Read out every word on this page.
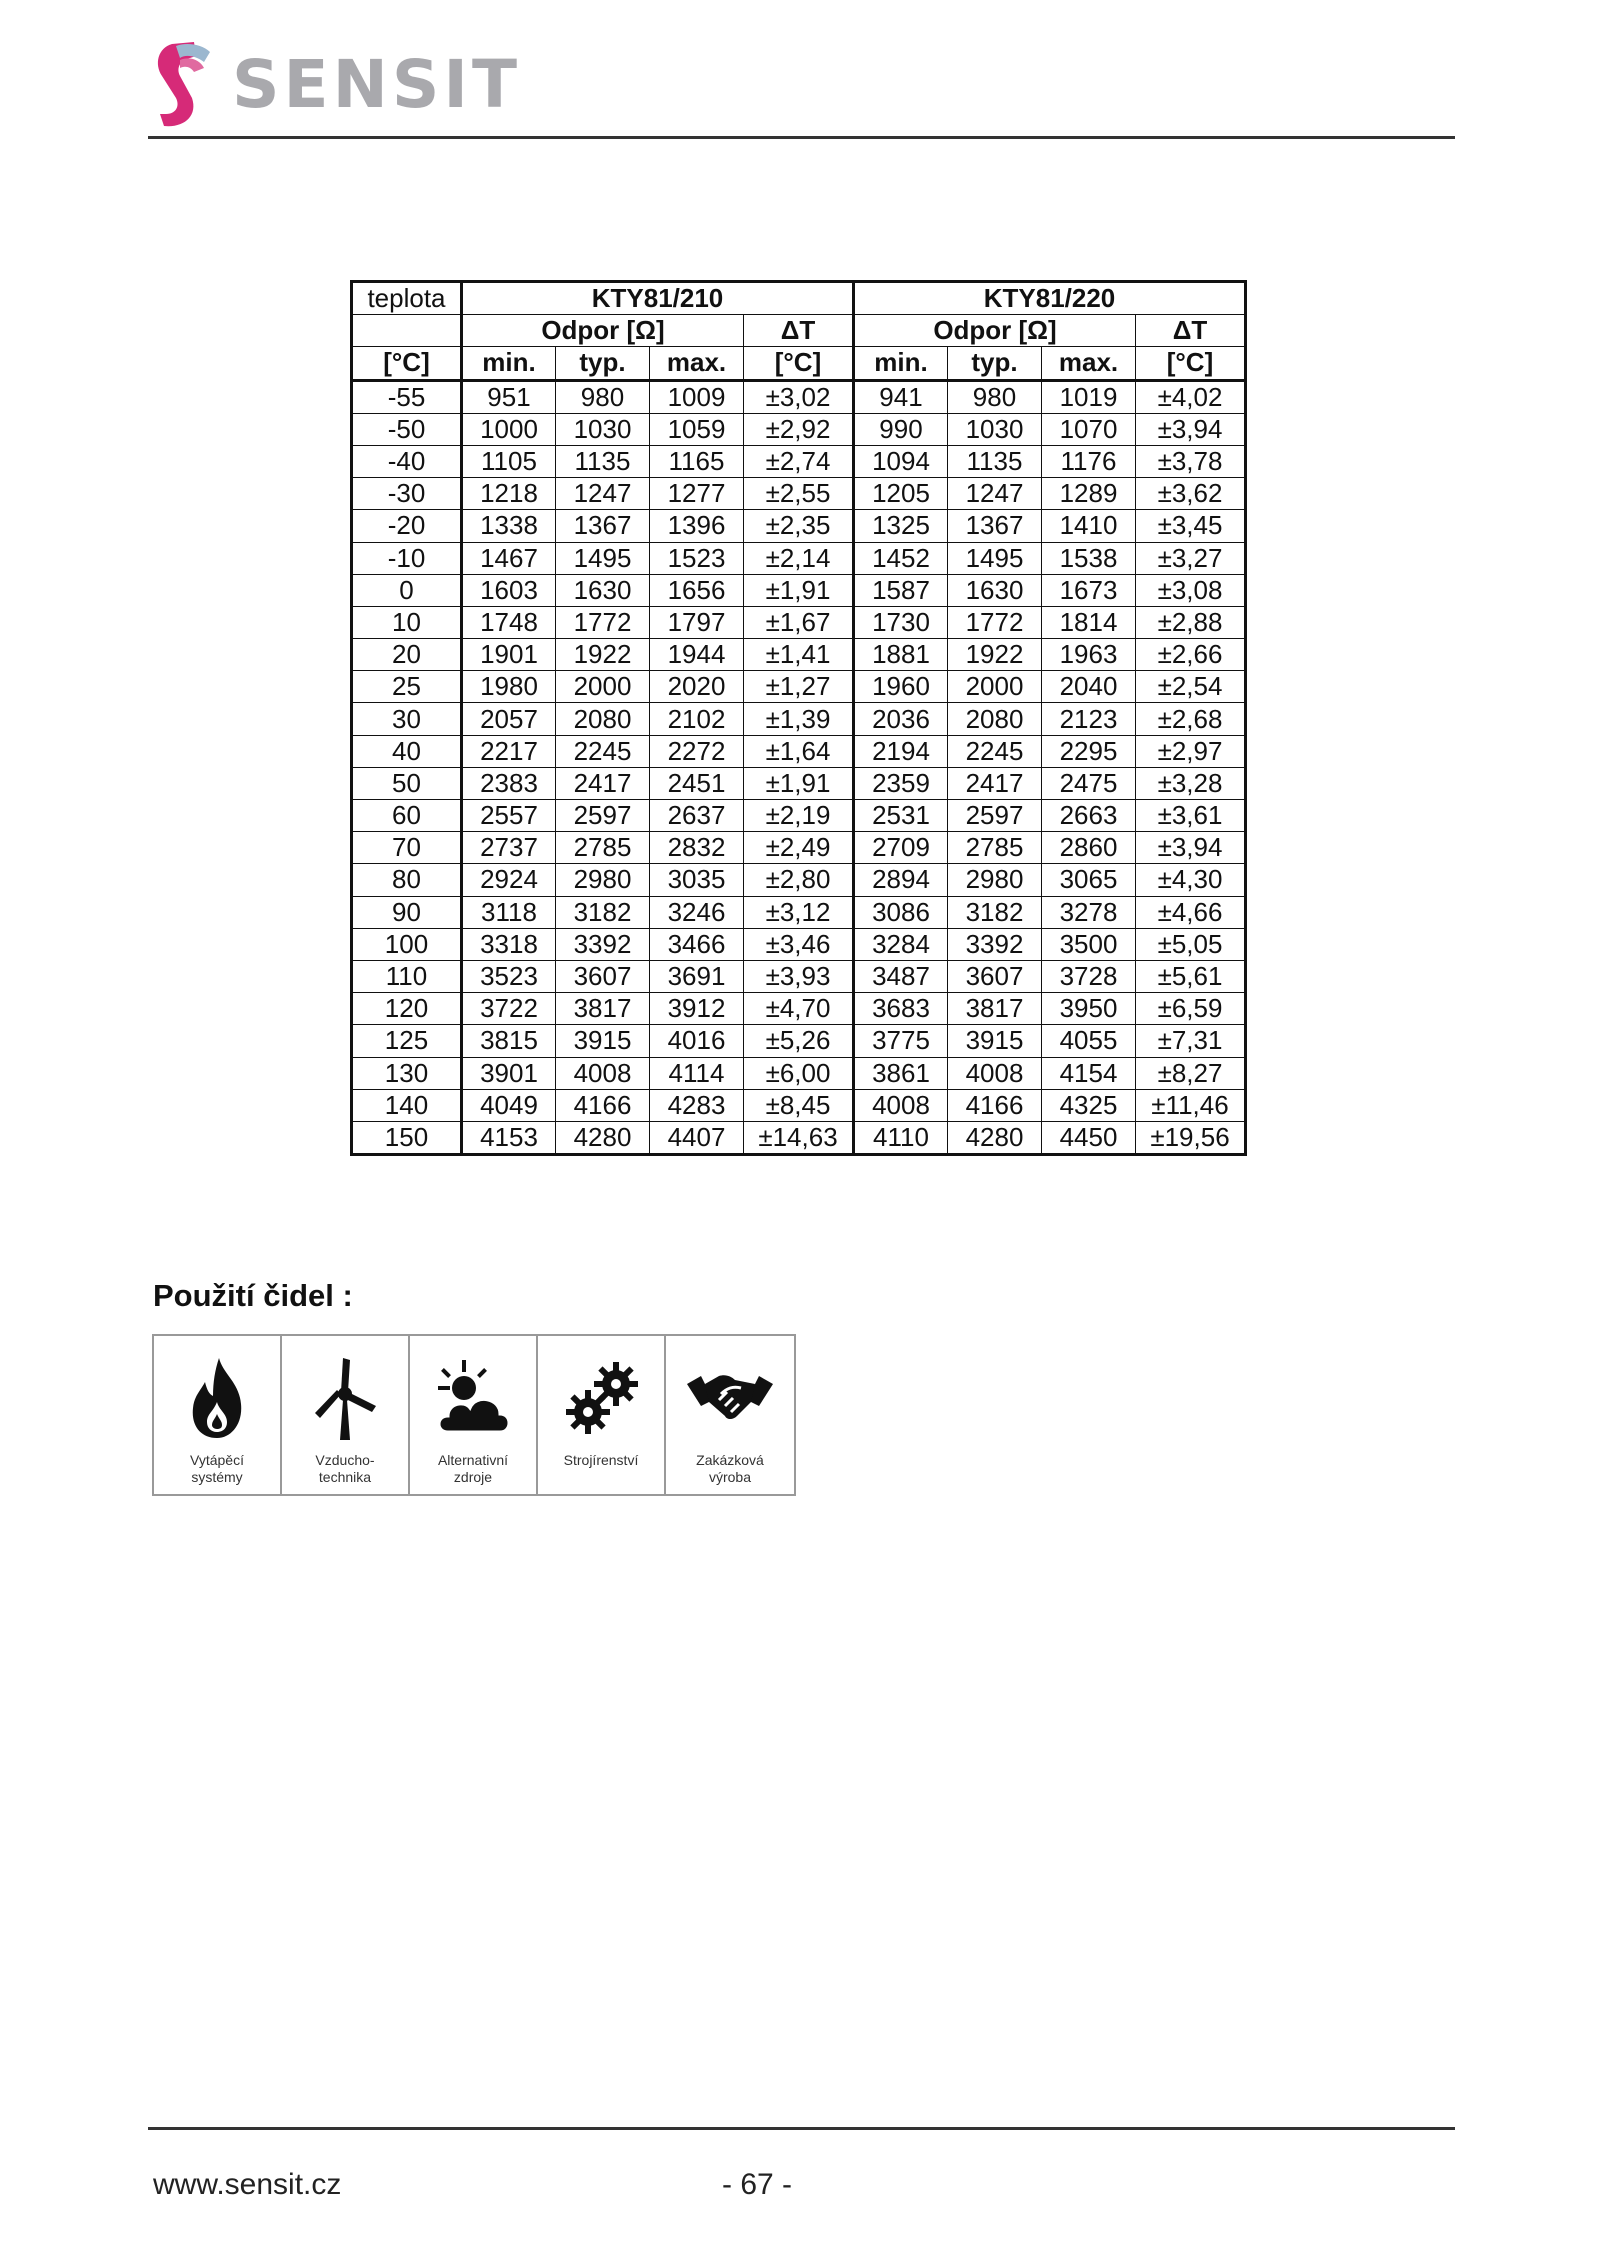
SENSIT
teplota	KTY81/210				KTY81/220			
	Odpor [Ω]			ΔT	Odpor [Ω]			ΔT
[°C]	min.	typ.	max.	[°C]	min.	typ.	max.	[°C]
-55	951	980	1009	±3,02	941	980	1019	±4,02
-50	1000	1030	1059	±2,92	990	1030	1070	±3,94
-40	1105	1135	1165	±2,74	1094	1135	1176	±3,78
-30	1218	1247	1277	±2,55	1205	1247	1289	±3,62
-20	1338	1367	1396	±2,35	1325	1367	1410	±3,45
-10	1467	1495	1523	±2,14	1452	1495	1538	±3,27
0	1603	1630	1656	±1,91	1587	1630	1673	±3,08
10	1748	1772	1797	±1,67	1730	1772	1814	±2,88
20	1901	1922	1944	±1,41	1881	1922	1963	±2,66
25	1980	2000	2020	±1,27	1960	2000	2040	±2,54
30	2057	2080	2102	±1,39	2036	2080	2123	±2,68
40	2217	2245	2272	±1,64	2194	2245	2295	±2,97
50	2383	2417	2451	±1,91	2359	2417	2475	±3,28
60	2557	2597	2637	±2,19	2531	2597	2663	±3,61
70	2737	2785	2832	±2,49	2709	2785	2860	±3,94
80	2924	2980	3035	±2,80	2894	2980	3065	±4,30
90	3118	3182	3246	±3,12	3086	3182	3278	±4,66
100	3318	3392	3466	±3,46	3284	3392	3500	±5,05
110	3523	3607	3691	±3,93	3487	3607	3728	±5,61
120	3722	3817	3912	±4,70	3683	3817	3950	±6,59
125	3815	3915	4016	±5,26	3775	3915	4055	±7,31
130	3901	4008	4114	±6,00	3861	4008	4154	±8,27
140	4049	4166	4283	±8,45	4008	4166	4325	±11,46
150	4153	4280	4407	±14,63	4110	4280	4450	±19,56
Použití čidel :
Vytápěcí
systémy
Vzducho-
technika
Alternativní
zdroje
Strojírenství	Zakázková
výroba
www.sensit.cz	- 67 -
